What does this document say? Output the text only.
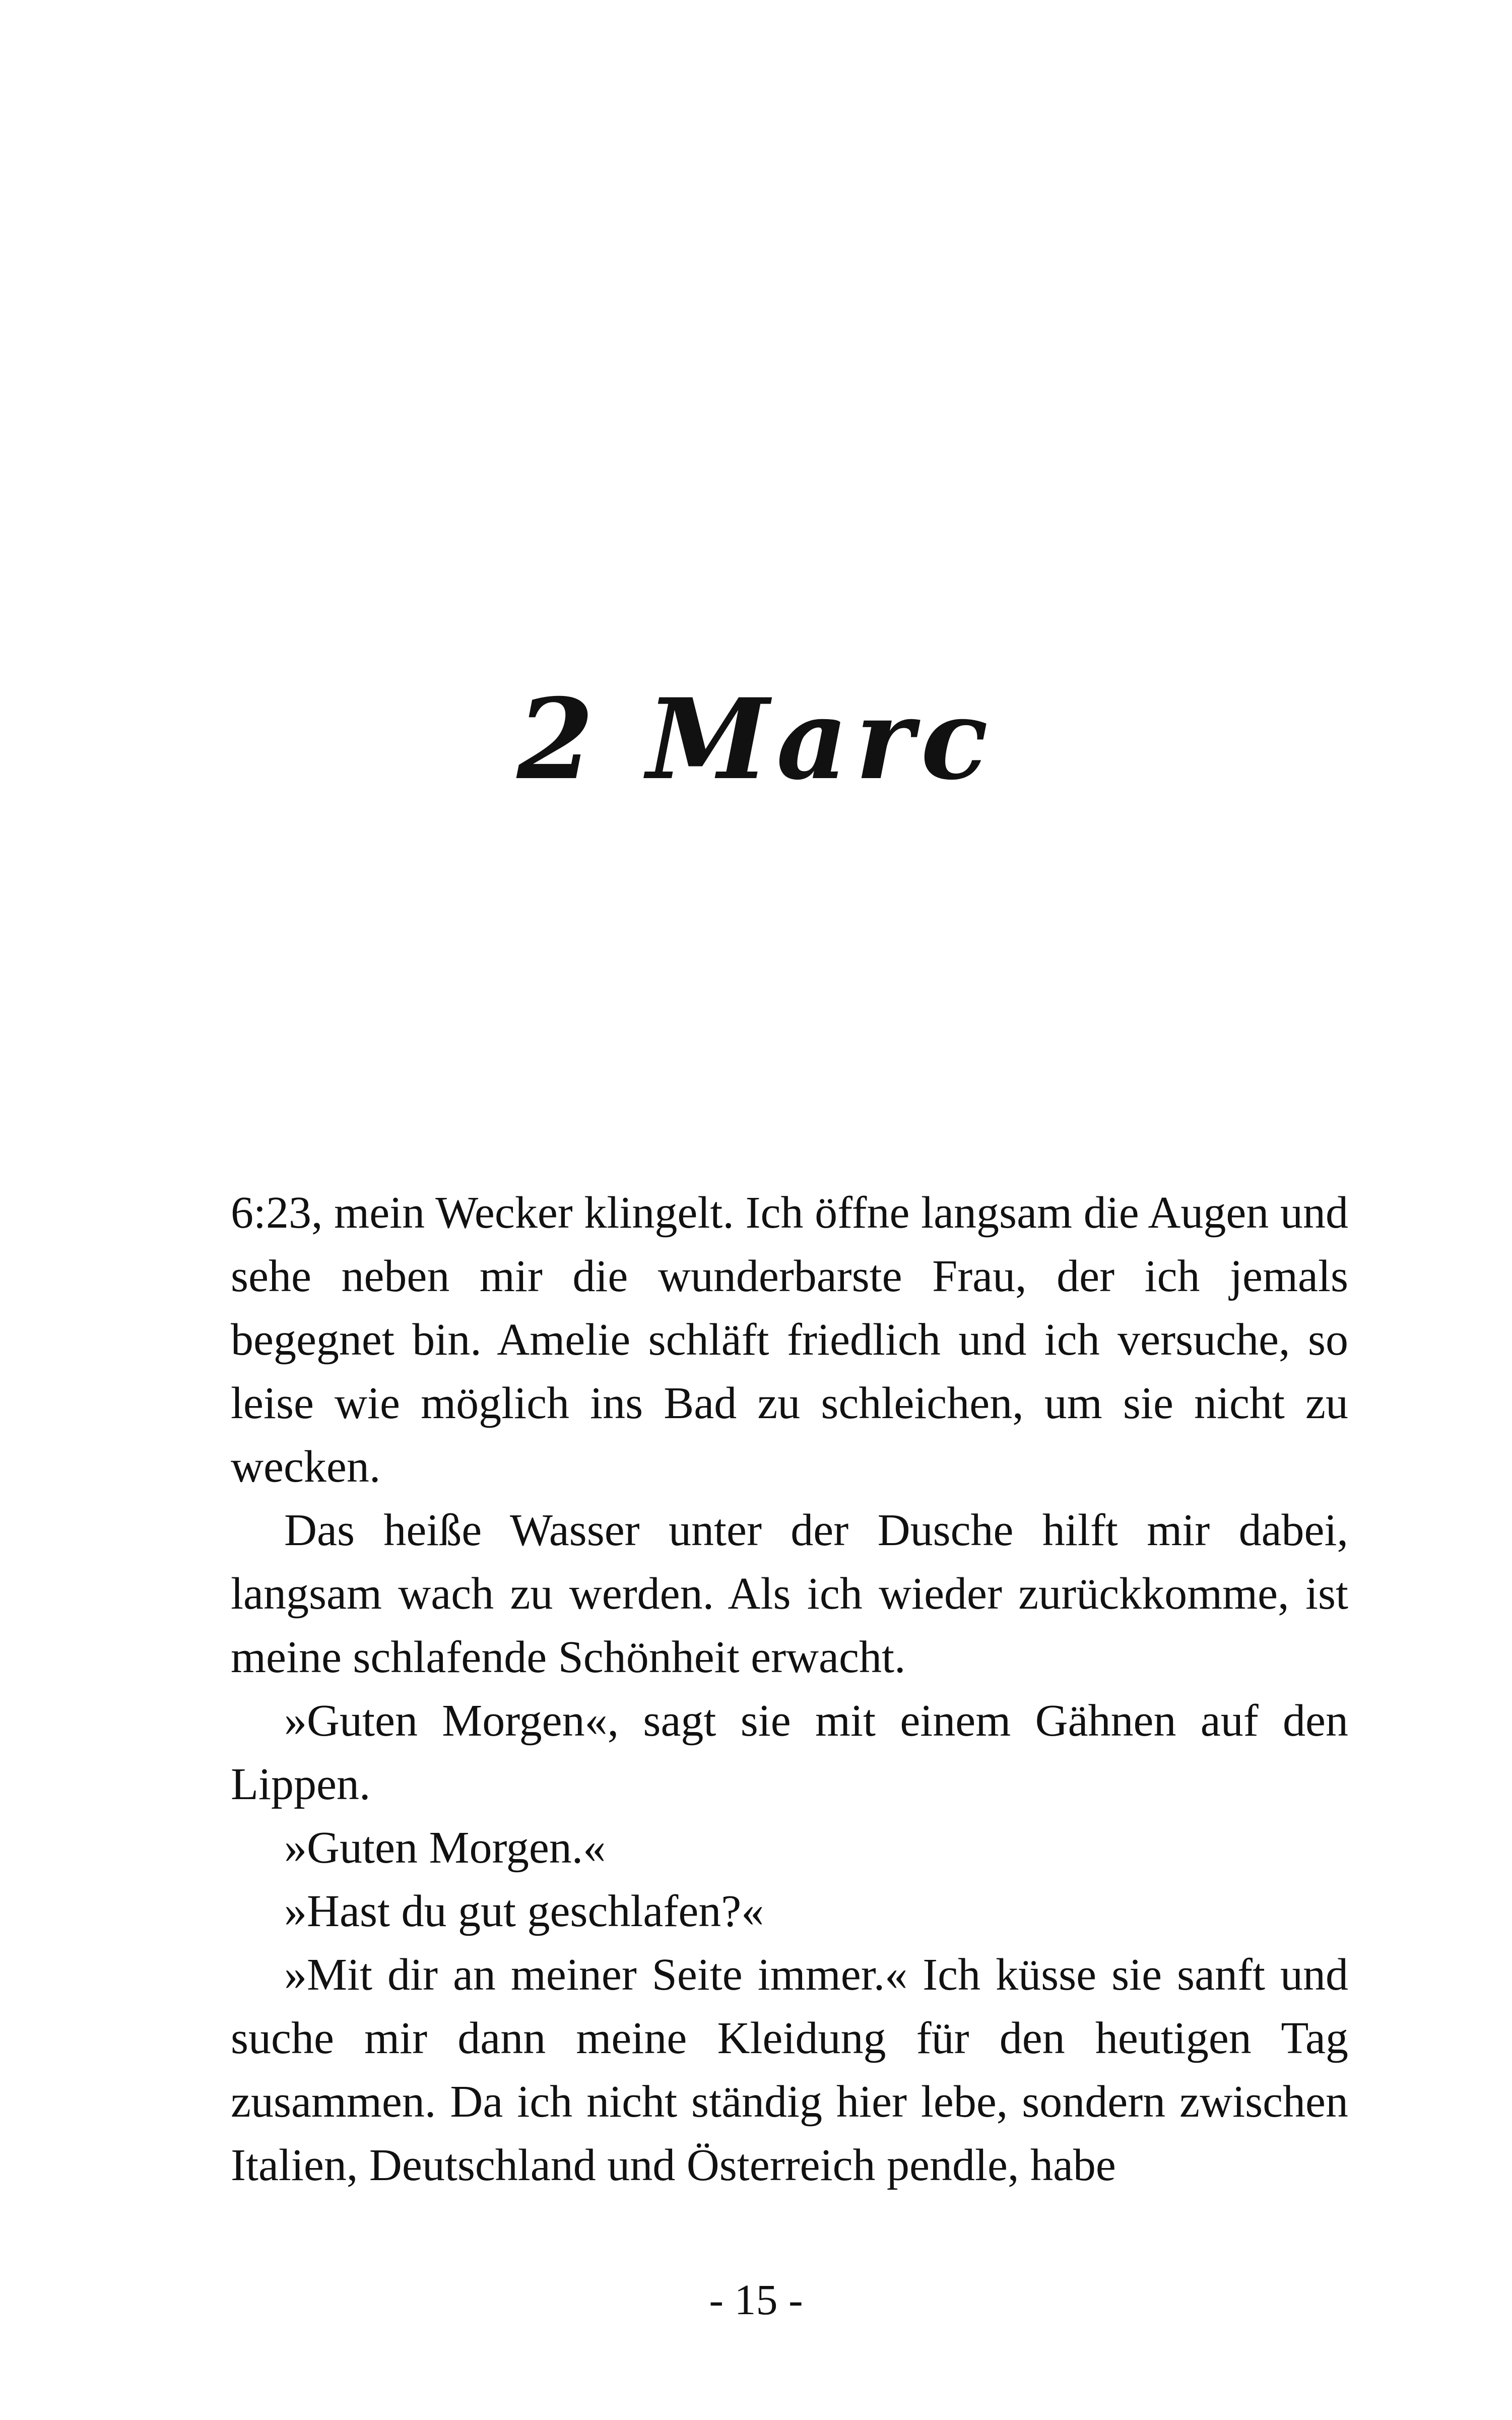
2 Marc

6:23, mein Wecker klingelt. Ich öffne langsam die Augen und sehe neben mir die wunderbarste Frau, der ich jemals begegnet bin. Amelie schläft friedlich und ich versuche, so leise wie möglich ins Bad zu schleichen, um sie nicht zu wecken.

Das heiße Wasser unter der Dusche hilft mir dabei, langsam wach zu werden. Als ich wieder zurückkomme, ist meine schlafende Schönheit erwacht.

»Guten Morgen«, sagt sie mit einem Gähnen auf den Lippen.

»Guten Morgen.«

»Hast du gut geschlafen?«

»Mit dir an meiner Seite immer.« Ich küsse sie sanft und suche mir dann meine Kleidung für den heutigen Tag zusammen. Da ich nicht ständig hier lebe, sondern zwischen Italien, Deutschland und Österreich pendle, habe

- 15 -
